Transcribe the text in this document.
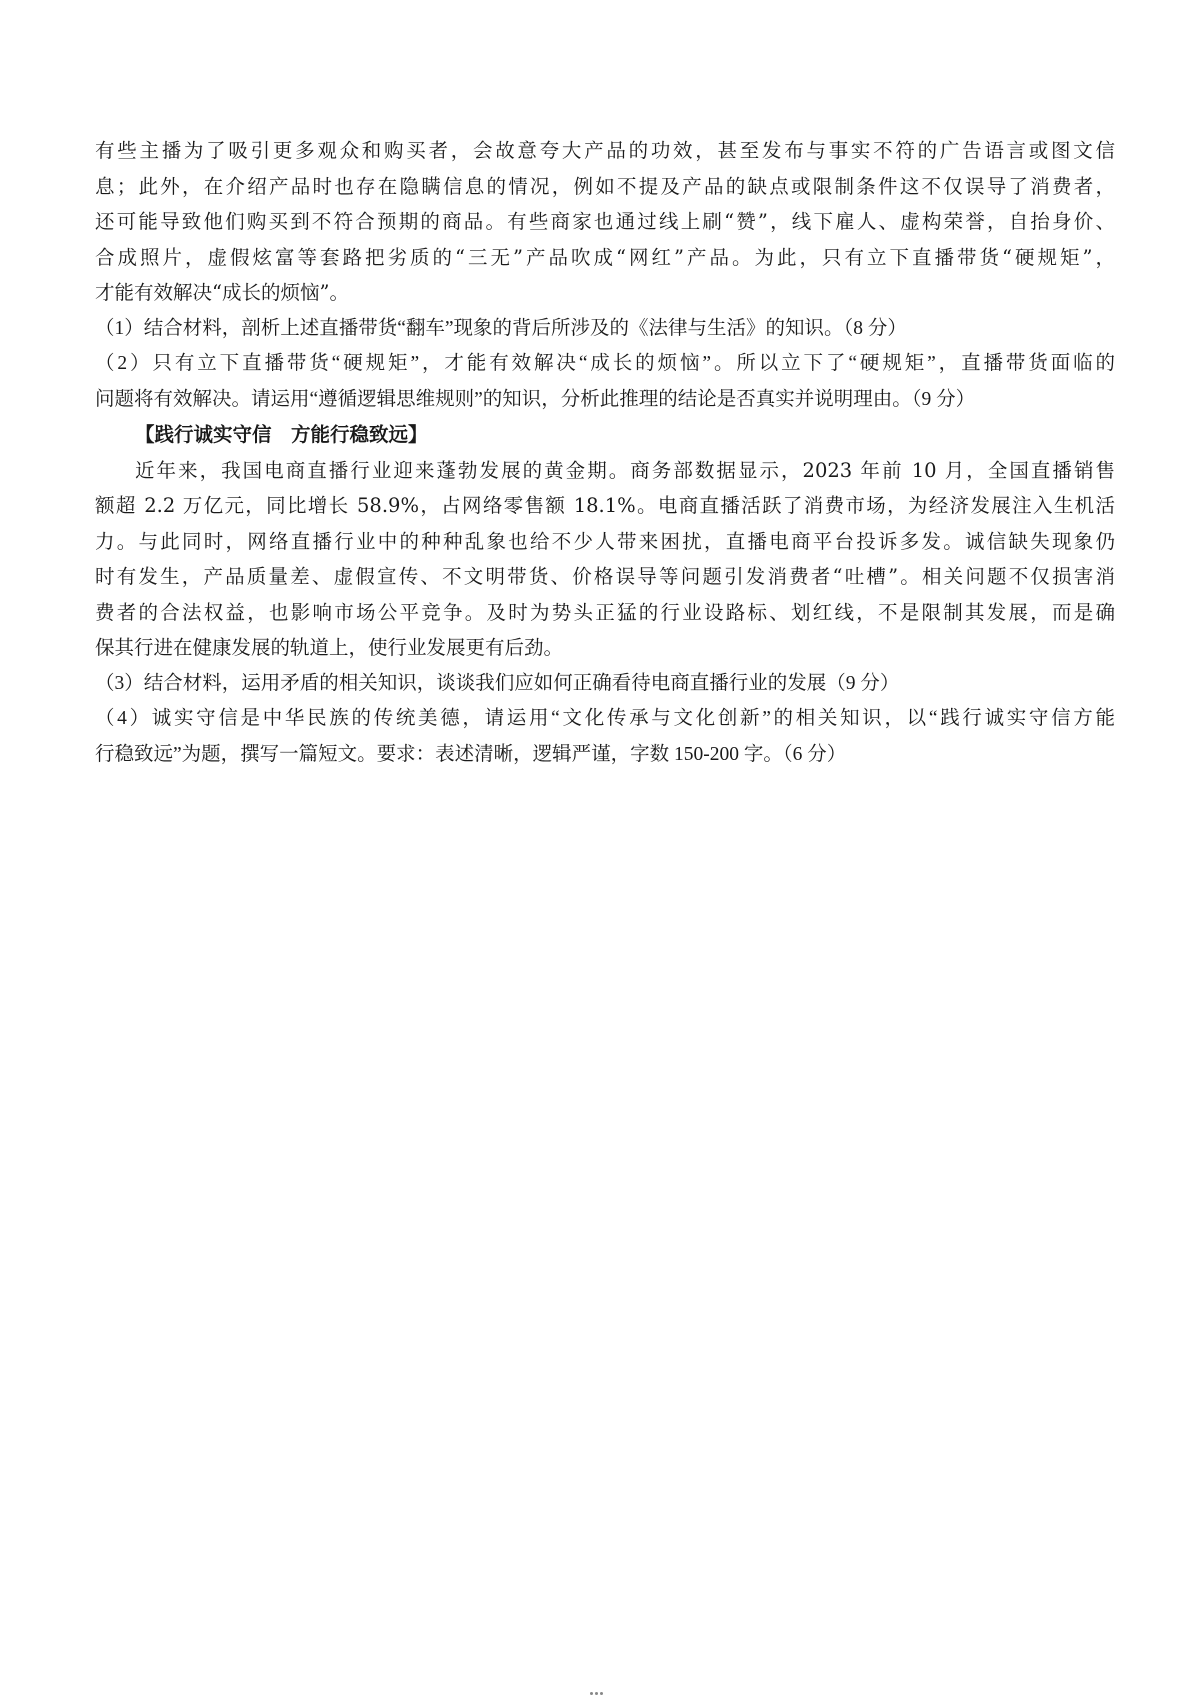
有些主播为了吸引更多观众和购买者，会故意夸大产品的功效，甚至发布与事实不符的广告语言或图文信
息；此外，在介绍产品时也存在隐瞒信息的情况，例如不提及产品的缺点或限制条件这不仅误导了消费者，
还可能导致他们购买到不符合预期的商品。有些商家也通过线上刷“赞”，线下雇人、虚构荣誉，自抬身价、
合成照片，虚假炫富等套路把劣质的“三无”产品吹成“网红”产品。为此，只有立下直播带货“硬规矩”，
才能有效解决“成长的烦恼”。
（1）结合材料，剖析上述直播带货“翻车”现象的背后所涉及的《法律与生活》的知识。（8 分）
（2）只有立下直播带货“硬规矩”，才能有效解决“成长的烦恼”。所以立下了“硬规矩”，直播带货面临的
问题将有效解决。请运用“遵循逻辑思维规则”的知识，分析此推理的结论是否真实并说明理由。（9 分）
【践行诚实守信　方能行稳致远】
近年来，我国电商直播行业迎来蓬勃发展的黄金期。商务部数据显示，2023 年前 10 月，全国直播销售
额超 2.2 万亿元，同比增长 58.9%，占网络零售额 18.1%。电商直播活跃了消费市场，为经济发展注入生机活
力。与此同时，网络直播行业中的种种乱象也给不少人带来困扰，直播电商平台投诉多发。诚信缺失现象仍
时有发生，产品质量差、虚假宣传、不文明带货、价格误导等问题引发消费者“吐槽”。相关问题不仅损害消
费者的合法权益，也影响市场公平竞争。及时为势头正猛的行业设路标、划红线，不是限制其发展，而是确
保其行进在健康发展的轨道上，使行业发展更有后劲。
（3）结合材料，运用矛盾的相关知识，谈谈我们应如何正确看待电商直播行业的发展（9 分）
（4）诚实守信是中华民族的传统美德，请运用“文化传承与文化创新”的相关知识，以“践行诚实守信方能
行稳致远”为题，撰写一篇短文。要求：表述清晰，逻辑严谨，字数 150-200 字。（6 分）
